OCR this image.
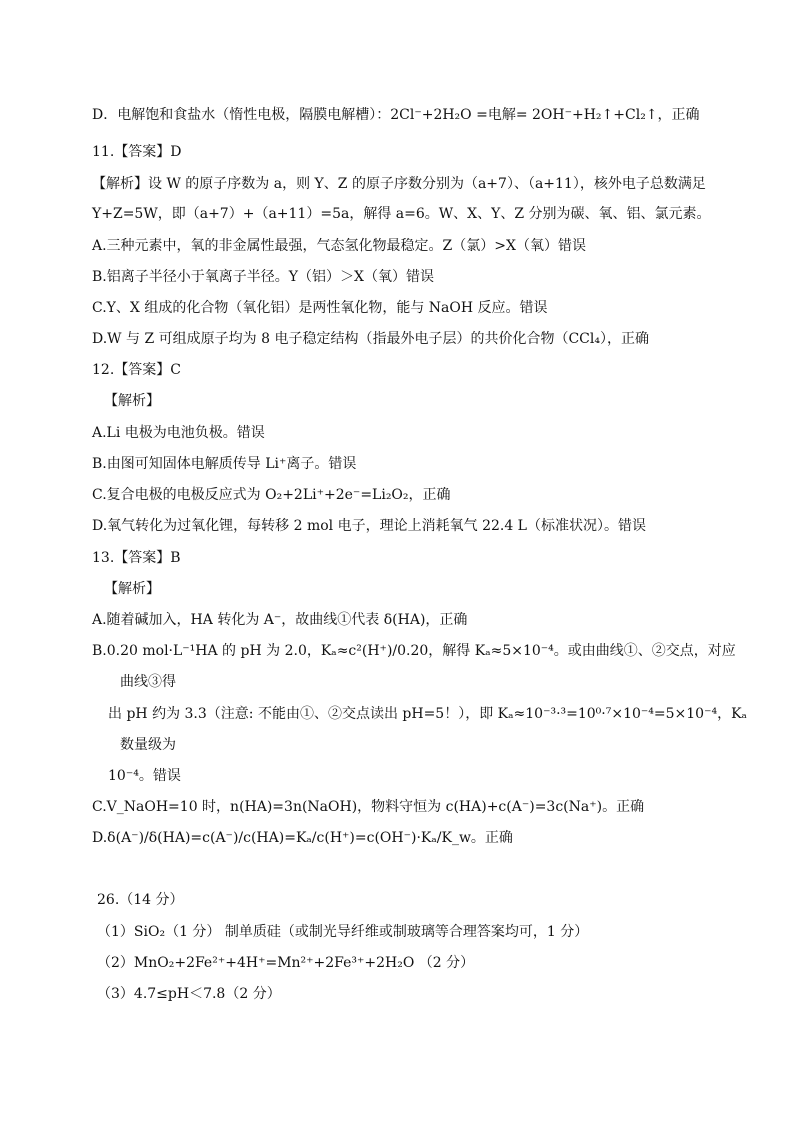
D．电解饱和食盐水（惰性电极，隔膜电解槽）：2Cl⁻+2H₂O =电解= 2OH⁻+H₂↑+Cl₂↑，正确
11.【答案】D
【解析】设 W 的原子序数为 a，则 Y、Z 的原子序数分别为（a+7）、（a+11），核外电子总数满足
Y+Z=5W，即（a+7）+（a+11）=5a，解得 a=6。W、X、Y、Z 分别为碳、氧、铝、氯元素。
A.三种元素中，氧的非金属性最强，气态氢化物最稳定。Z（氯）>X（氧）错误
B.铝离子半径小于氧离子半径。Y（铝）＞X（氧）错误
C.Y、X 组成的化合物（氧化铝）是两性氧化物，能与 NaOH 反应。错误
D.W 与 Z 可组成原子均为 8 电子稳定结构（指最外电子层）的共价化合物（CCl₄），正确
12.【答案】C
【解析】
A.Li 电极为电池负极。错误
B.由图可知固体电解质传导 Li⁺离子。错误
C.复合电极的电极反应式为 O₂+2Li⁺+2e⁻=Li₂O₂，正确
D.氧气转化为过氧化锂，每转移 2 mol 电子，理论上消耗氧气 22.4 L（标准状况）。错误
13.【答案】B
【解析】
A.随着碱加入，HA 转化为 A⁻，故曲线①代表 δ(HA)，正确
B.0.20 mol·L⁻¹HA 的 pH 为 2.0，Kₐ≈c²(H⁺)/0.20，解得 Kₐ≈5×10⁻⁴。或由曲线①、②交点，对应
曲线③得
出 pH 约为 3.3（注意: 不能由①、②交点读出 pH=5！），即 Kₐ≈10⁻³·³=10⁰·⁷×10⁻⁴=5×10⁻⁴，Kₐ
数量级为
10⁻⁴。错误
C.V_NaOH=10 时，n(HA)=3n(NaOH)，物料守恒为 c(HA)+c(A⁻)=3c(Na⁺)。正确
D.δ(A⁻)/δ(HA)=c(A⁻)/c(HA)=Kₐ/c(H⁺)=c(OH⁻)·Kₐ/K_w。正确
26.（14 分）
（1）SiO₂（1 分） 制单质硅（或制光导纤维或制玻璃等合理答案均可，1 分）
（2）MnO₂+2Fe²⁺+4H⁺=Mn²⁺+2Fe³⁺+2H₂O （2 分）
（3）4.7≤pH＜7.8（2 分）
